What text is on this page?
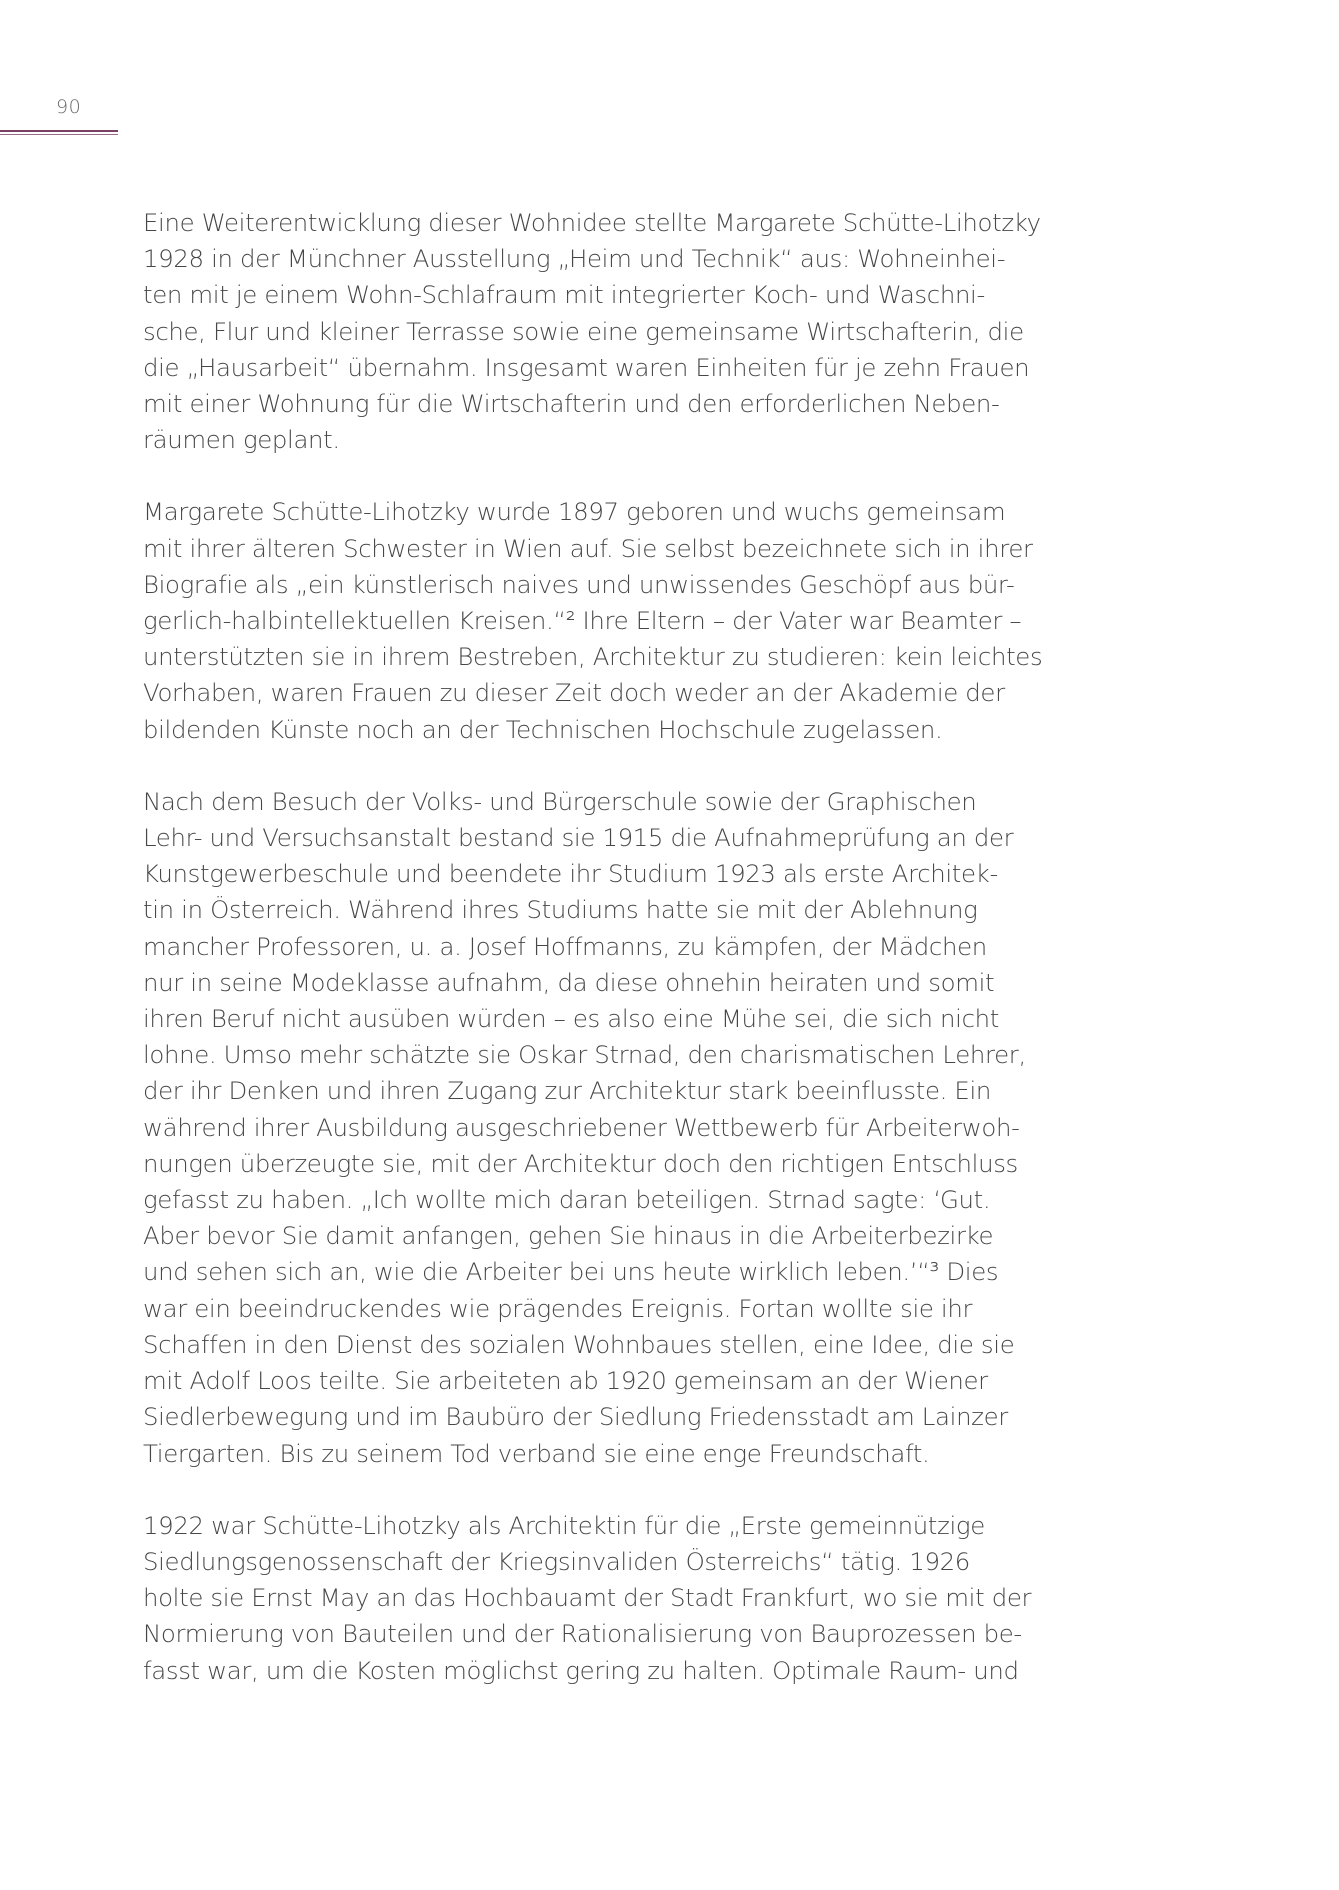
90
Eine Weiterentwicklung dieser Wohnidee stellte Margarete Schütte-Lihotzky
1928 in der Münchner Ausstellung „Heim und Technik“ aus: Wohneinhei-
ten mit je einem Wohn-Schlafraum mit integrierter Koch- und Waschni-
sche, Flur und kleiner Terrasse sowie eine gemeinsame Wirtschafterin, die
die „Hausarbeit“ übernahm. Insgesamt waren Einheiten für je zehn Frauen
mit einer Wohnung für die Wirtschafterin und den erforderlichen Neben-
räumen geplant.
Margarete Schütte-Lihotzky wurde 1897 geboren und wuchs gemeinsam
mit ihrer älteren Schwester in Wien auf. Sie selbst bezeichnete sich in ihrer
Biografie als „ein künstlerisch naives und unwissendes Geschöpf aus bür-
gerlich-halbintellektuellen Kreisen.“² Ihre Eltern – der Vater war Beamter –
unterstützten sie in ihrem Bestreben, Architektur zu studieren: kein leichtes
Vorhaben, waren Frauen zu dieser Zeit doch weder an der Akademie der
bildenden Künste noch an der Technischen Hochschule zugelassen.
Nach dem Besuch der Volks- und Bürgerschule sowie der Graphischen
Lehr- und Versuchsanstalt bestand sie 1915 die Aufnahmeprüfung an der
Kunstgewerbeschule und beendete ihr Studium 1923 als erste Architek-
tin in Österreich. Während ihres Studiums hatte sie mit der Ablehnung
mancher Professoren, u. a. Josef Hoffmanns, zu kämpfen, der Mädchen
nur in seine Modeklasse aufnahm, da diese ohnehin heiraten und somit
ihren Beruf nicht ausüben würden – es also eine Mühe sei, die sich nicht
lohne. Umso mehr schätzte sie Oskar Strnad, den charismatischen Lehrer,
der ihr Denken und ihren Zugang zur Architektur stark beeinflusste. Ein
während ihrer Ausbildung ausgeschriebener Wettbewerb für Arbeiterwoh-
nungen überzeugte sie, mit der Architektur doch den richtigen Entschluss
gefasst zu haben. „Ich wollte mich daran beteiligen. Strnad sagte: ‘Gut.
Aber bevor Sie damit anfangen, gehen Sie hinaus in die Arbeiterbezirke
und sehen sich an, wie die Arbeiter bei uns heute wirklich leben.’“³ Dies
war ein beeindruckendes wie prägendes Ereignis. Fortan wollte sie ihr
Schaffen in den Dienst des sozialen Wohnbaues stellen, eine Idee, die sie
mit Adolf Loos teilte. Sie arbeiteten ab 1920 gemeinsam an der Wiener
Siedlerbewegung und im Baubüro der Siedlung Friedensstadt am Lainzer
Tiergarten. Bis zu seinem Tod verband sie eine enge Freundschaft.
1922 war Schütte-Lihotzky als Architektin für die „Erste gemeinnützige
Siedlungsgenossenschaft der Kriegsinvaliden Österreichs“ tätig. 1926
holte sie Ernst May an das Hochbauamt der Stadt Frankfurt, wo sie mit der
Normierung von Bauteilen und der Rationalisierung von Bauprozessen be-
fasst war, um die Kosten möglichst gering zu halten. Optimale Raum- und
